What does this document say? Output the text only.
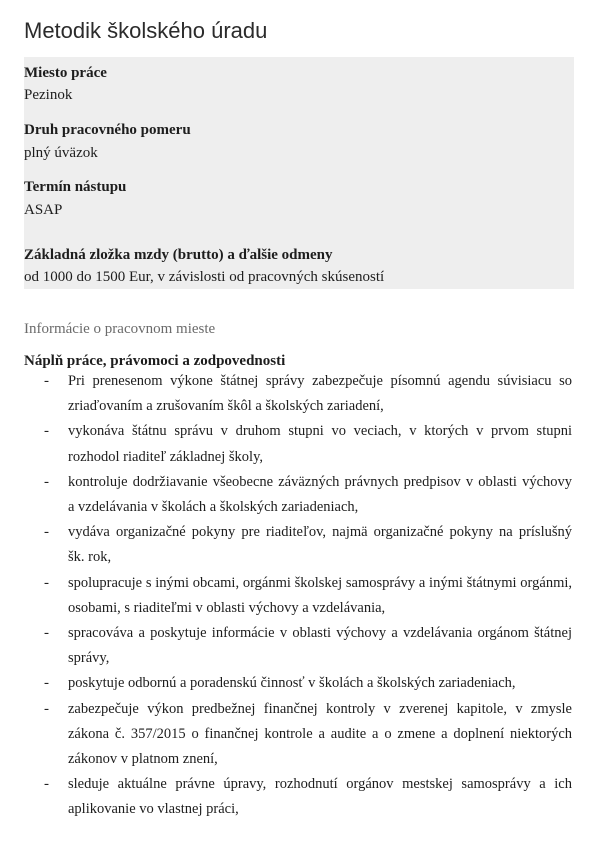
Metodik školského úradu
Miesto práce
Pezinok
Druh pracovného pomeru
plný úväzok
Termín nástupu
ASAP
Základná zložka mzdy (brutto) a ďalšie odmeny
od 1000 do 1500 Eur, v závislosti od pracovných skúseností
Informácie o pracovnom mieste
Náplň práce, právomoci a zodpovednosti
- Pri prenesenom výkone štátnej správy zabezpečuje písomnú agendu súvisiacu so
zriaďovaním a zrušovaním škôl a školských zariadení,
- vykonáva štátnu správu v druhom stupni vo veciach, v ktorých v prvom stupni
rozhodol riaditeľ základnej školy,
- kontroluje dodržiavanie všeobecne záväzných právnych predpisov v oblasti výchovy
a vzdelávania v školách a školských zariadeniach,
- vydáva organizačné pokyny pre riaditeľov, najmä organizačné pokyny na príslušný
šk. rok,
- spolupracuje s inými obcami, orgánmi školskej samosprávy a inými štátnymi orgánmi,
osobami, s riaditeľmi v oblasti výchovy a vzdelávania,
- spracováva a poskytuje informácie v oblasti výchovy a vzdelávania orgánom štátnej
správy,
- poskytuje odbornú a poradenskú činnosť v školách a školských zariadeniach,
- zabezpečuje výkon predbežnej finančnej kontroly v zverenej kapitole, v zmysle
zákona č. 357/2015 o finančnej kontrole a audite a o zmene a doplnení niektorých
zákonov v platnom znení,
- sleduje aktuálne právne úpravy, rozhodnutí orgánov mestskej samosprávy a ich
aplikovanie vo vlastnej práci,
